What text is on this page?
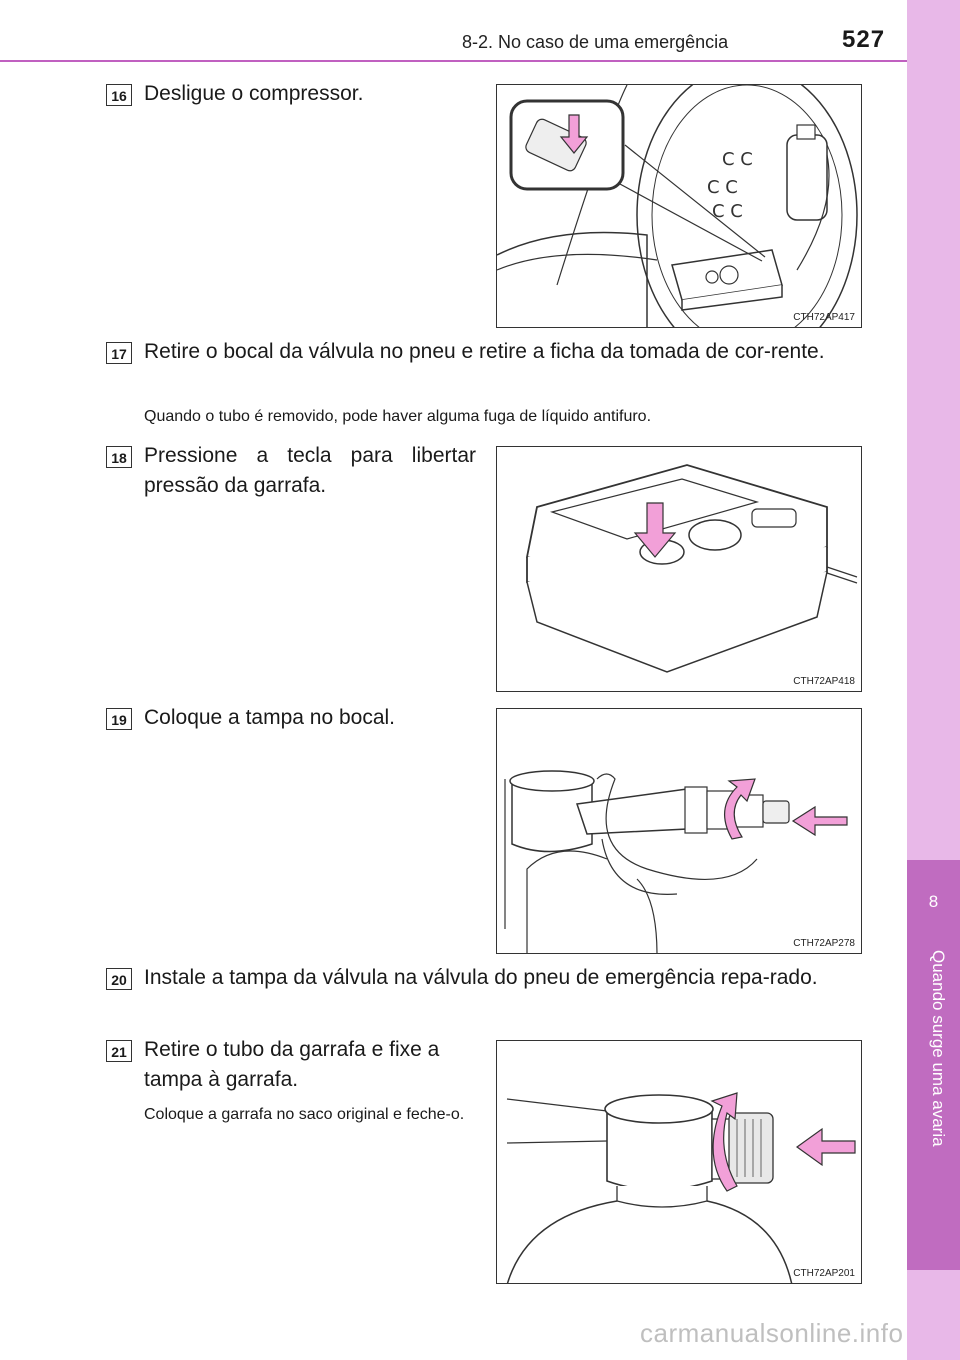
8-2. No caso de uma emergência	527
8
Quando surge uma avaria
16 Desligue o compressor.
C C
C C
C C
CTH72AP417
17 Retire o bocal da válvula no pneu e retire a ficha da tomada de cor-rente.
Quando o tubo é removido, pode haver alguma fuga de líquido antifuro.
18 Pressione a tecla para libertar pressão da garrafa.
CTH72AP418
19 Coloque a tampa no bocal.
CTH72AP278
20 Instale a tampa da válvula na válvula do pneu de emergência repa-rado.
21 Retire o tubo da garrafa e fixe a tampa à garrafa.
Coloque a garrafa no saco original e feche-o.
CTH72AP201
carmanualsonline.info
